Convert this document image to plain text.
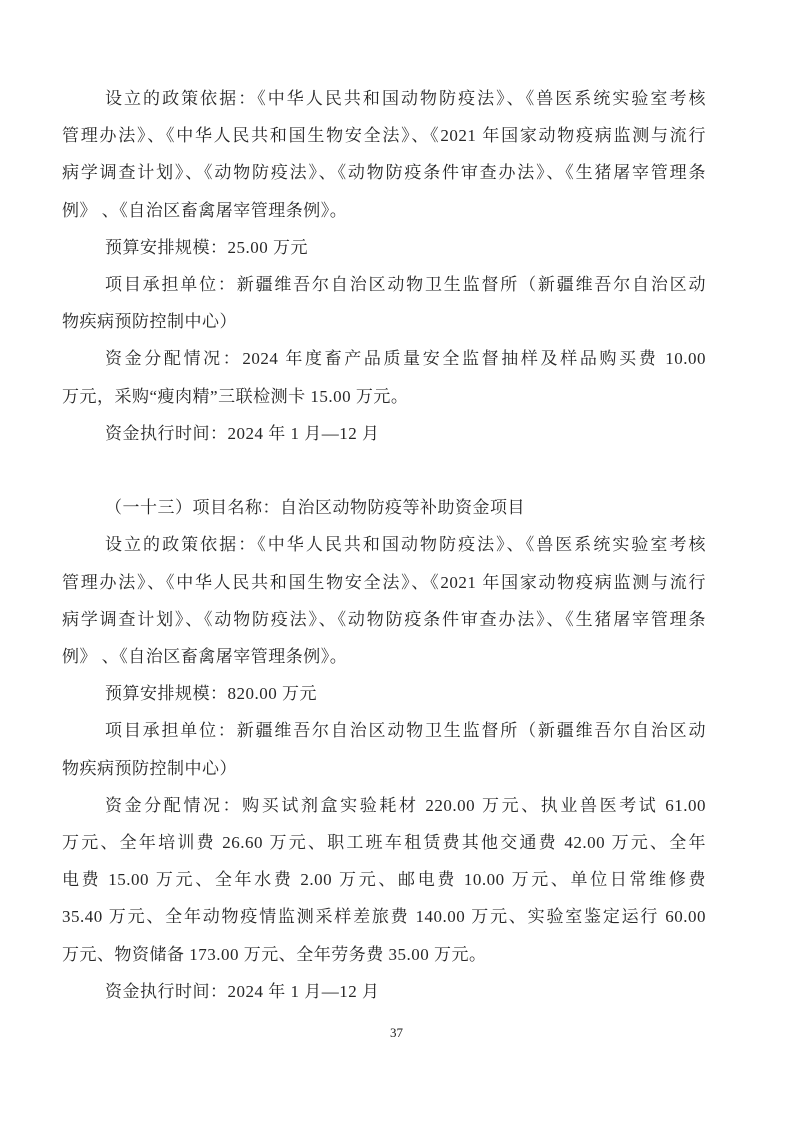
设立的政策依据：《中华人民共和国动物防疫法》、《兽医系统实验室考核
管理办法》、《中华人民共和国生物安全法》、《2021 年国家动物疫病监测与流行
病学调查计划》、《动物防疫法》、《动物防疫条件审查办法》、《生猪屠宰管理条
例》 、《自治区畜禽屠宰管理条例》。
预算安排规模：25.00 万元
项目承担单位：新疆维吾尔自治区动物卫生监督所（新疆维吾尔自治区动
物疾病预防控制中心）
资金分配情况：2024 年度畜产品质量安全监督抽样及样品购买费 10.00
万元，采购“瘦肉精”三联检测卡 15.00 万元。
资金执行时间：2024 年 1 月—12 月
（一十三）项目名称：自治区动物防疫等补助资金项目
设立的政策依据：《中华人民共和国动物防疫法》、《兽医系统实验室考核
管理办法》、《中华人民共和国生物安全法》、《2021 年国家动物疫病监测与流行
病学调查计划》、《动物防疫法》、《动物防疫条件审查办法》、《生猪屠宰管理条
例》 、《自治区畜禽屠宰管理条例》。
预算安排规模：820.00 万元
项目承担单位：新疆维吾尔自治区动物卫生监督所（新疆维吾尔自治区动
物疾病预防控制中心）
资金分配情况：购买试剂盒实验耗材 220.00 万元、执业兽医考试 61.00
万元、全年培训费 26.60 万元、职工班车租赁费其他交通费 42.00 万元、全年
电费 15.00 万元、全年水费 2.00 万元、邮电费 10.00 万元、单位日常维修费
35.40 万元、全年动物疫情监测采样差旅费 140.00 万元、实验室鉴定运行 60.00
万元、物资储备 173.00 万元、全年劳务费 35.00 万元。
资金执行时间：2024 年 1 月—12 月
37
